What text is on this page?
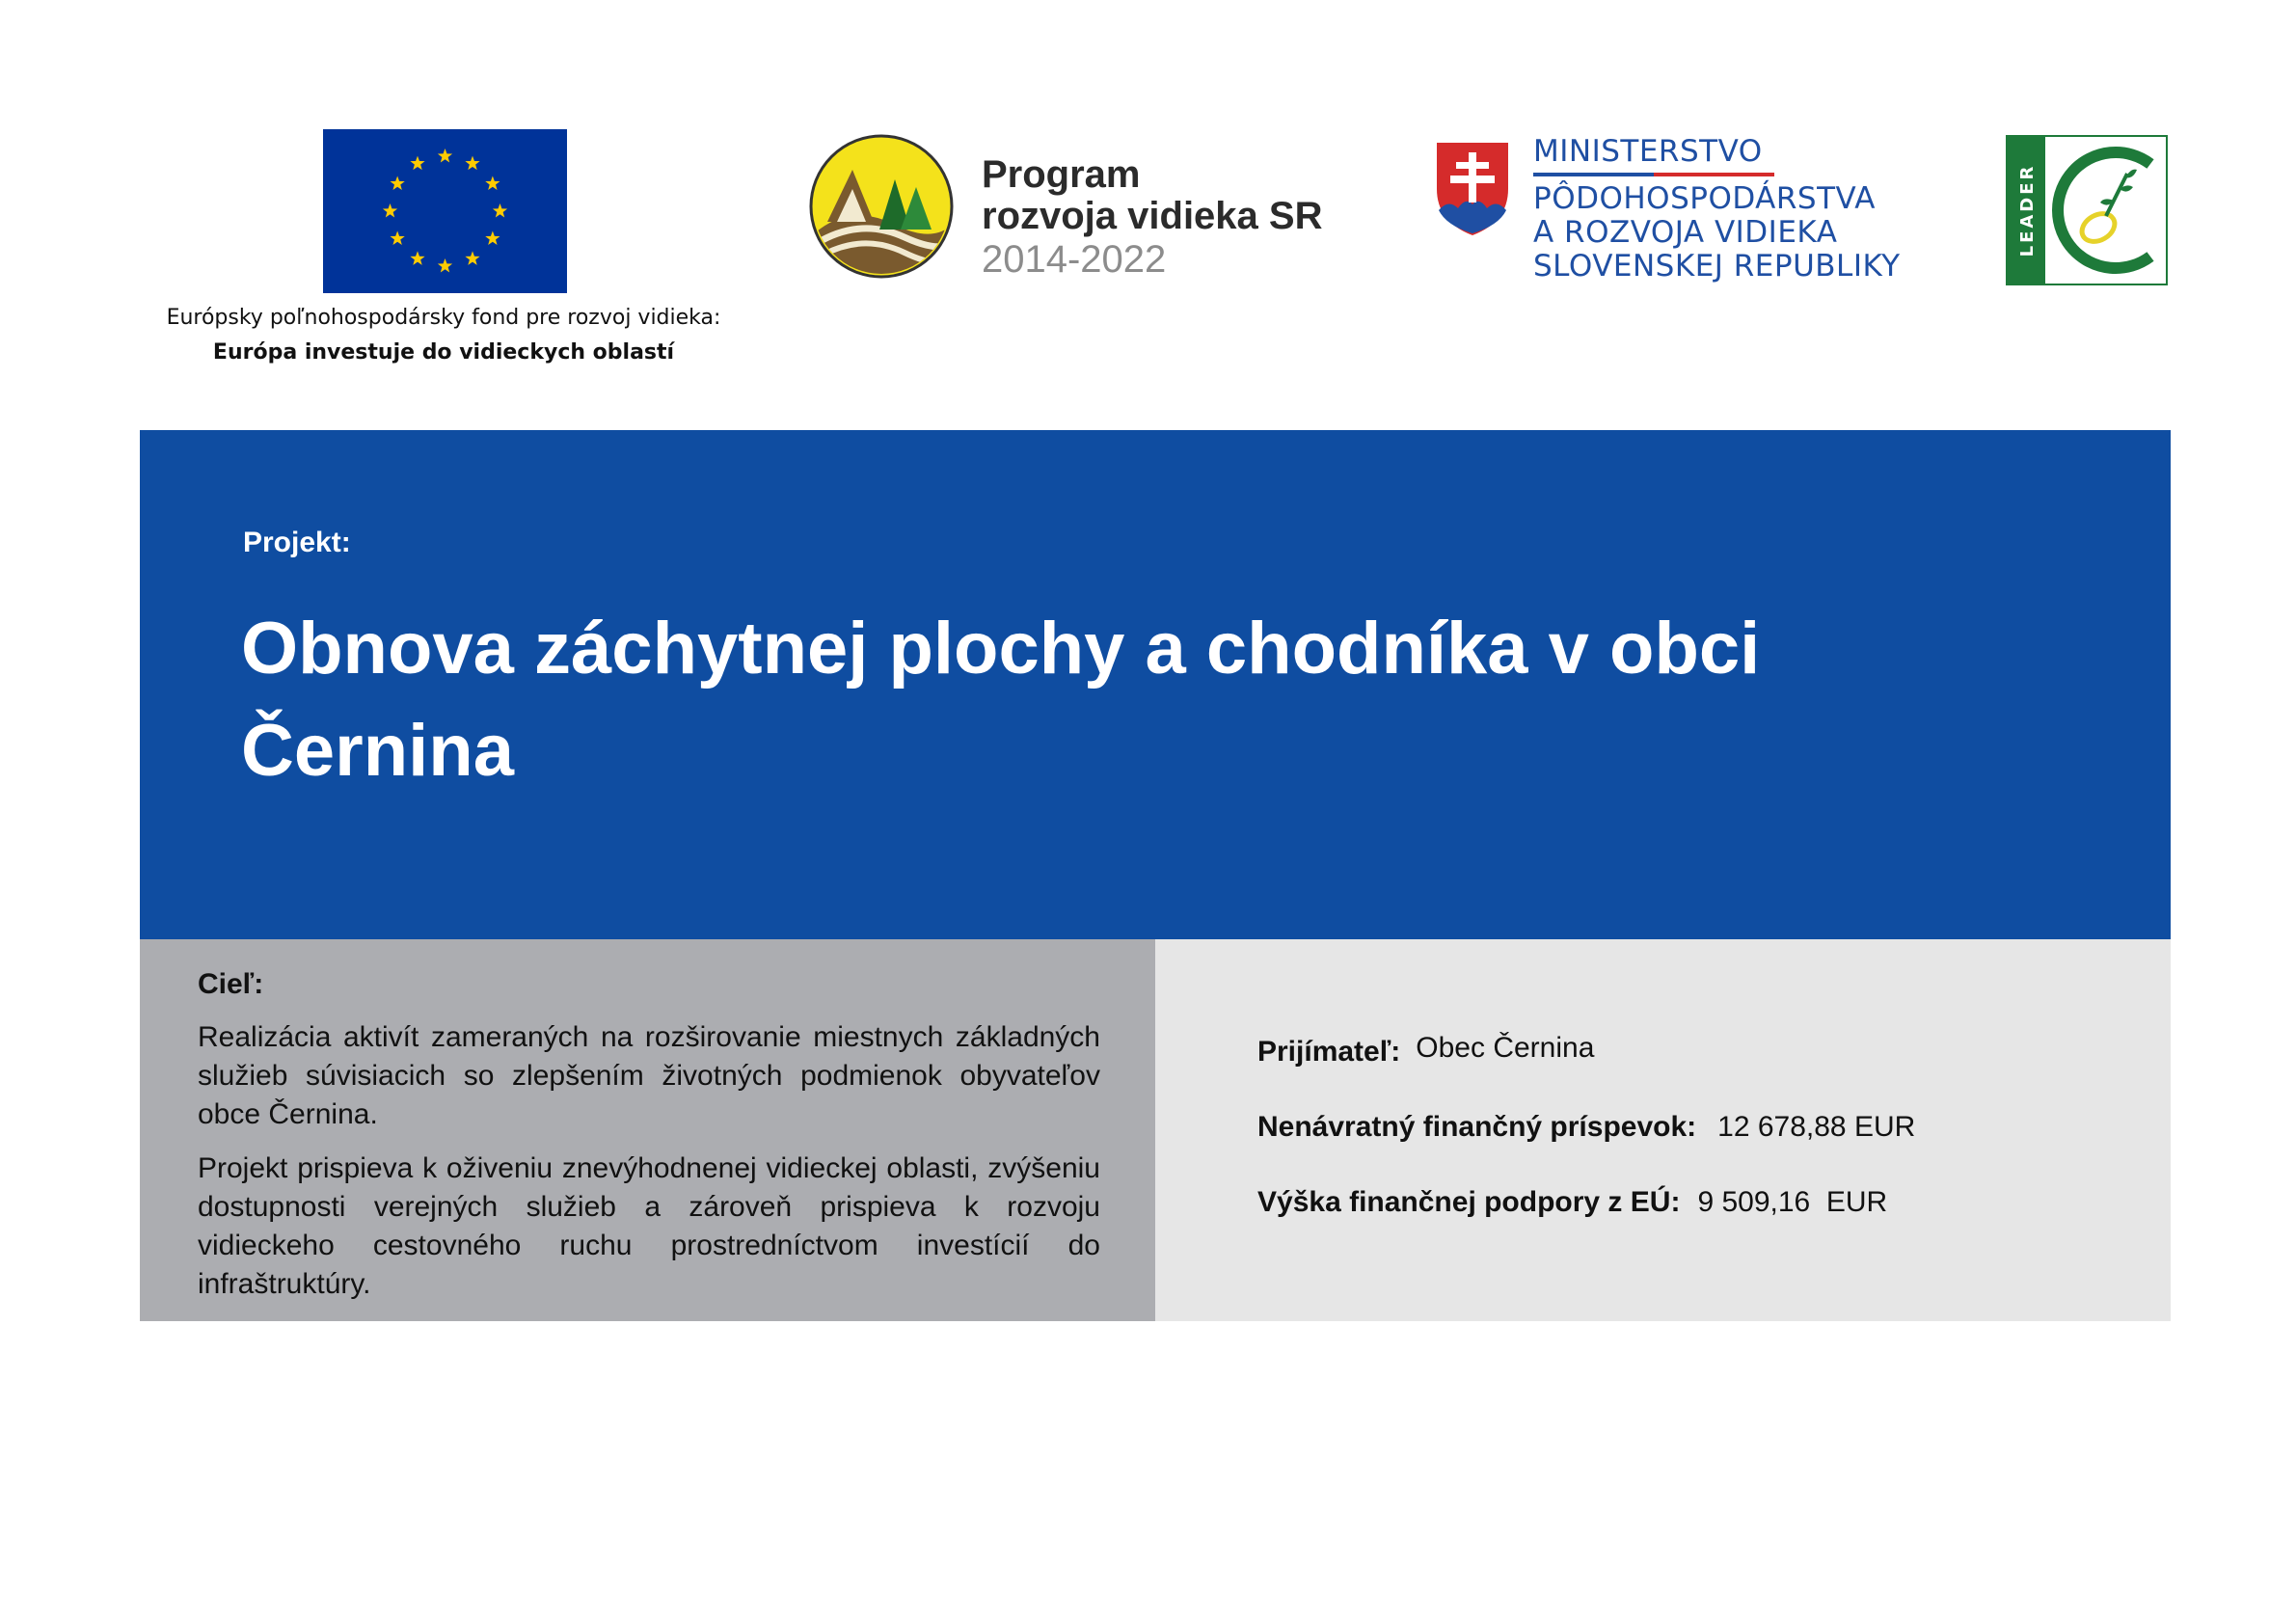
Európsky poľnohospodársky fond pre rozvoj vidieka:
Európa investuje do vidieckych oblastí
Program
rozvoja vidieka SR
2014-2022
MINISTERSTVO
PÔDOHOSPODÁRSTVA
A ROZVOJA VIDIEKA
SLOVENSKEJ REPUBLIKY
LEADER
Projekt:
Obnova záchytnej plochy a chodníka v obci Černina
Cieľ:

Realizácia aktivít zameraných na rozširovanie miestnych základných služieb súvisiacich so zlepšením životných podmienok obyvateľov obce Černina.

Projekt prispieva k oživeniu znevýhodnenej vidieckej oblasti, zvýšeniu dostupnosti verejných služieb a zároveň prispieva k rozvoju vidieckeho cestovného ruchu prostredníctvom investícií do infraštruktúry.

Prijímateľ: Obec Černina
Nenávratný finančný príspevok: 12 678,88 EUR
Výška finančnej podpory z EÚ: 9 509,16  EUR
